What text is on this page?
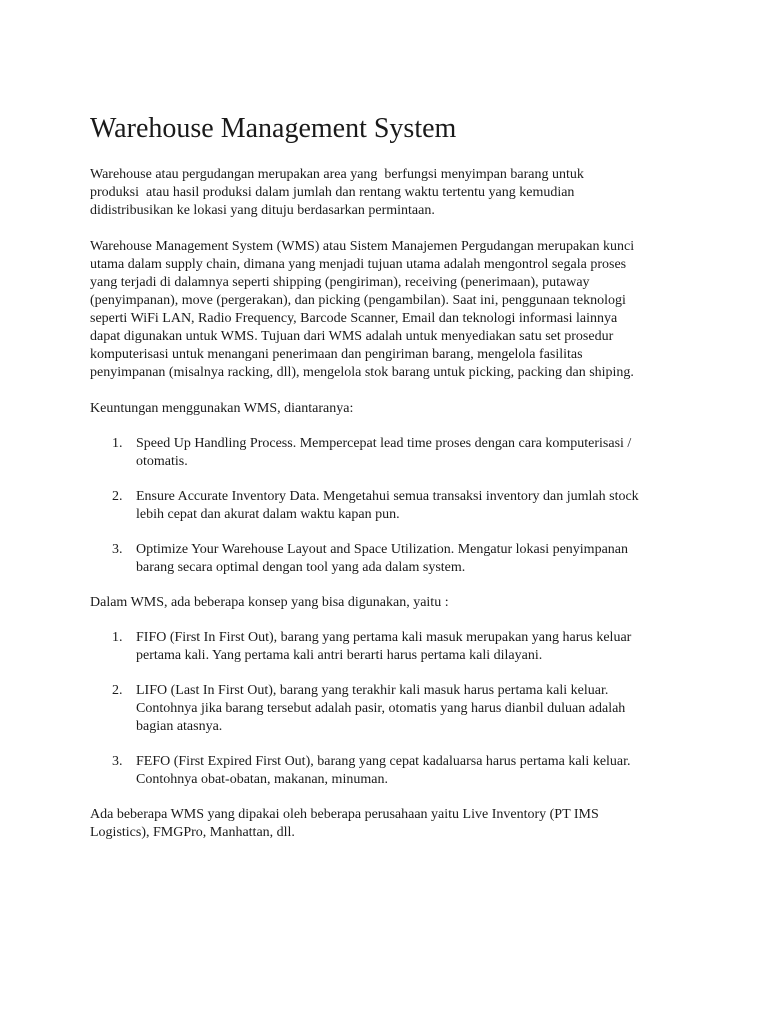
Warehouse Management System

Warehouse atau pergudangan merupakan area yang  berfungsi menyimpan barang untuk
produksi  atau hasil produksi dalam jumlah dan rentang waktu tertentu yang kemudian
didistribusikan ke lokasi yang dituju berdasarkan permintaan.

Warehouse Management System (WMS) atau Sistem Manajemen Pergudangan merupakan kunci
utama dalam supply chain, dimana yang menjadi tujuan utama adalah mengontrol segala proses
yang terjadi di dalamnya seperti shipping (pengiriman), receiving (penerimaan), putaway
(penyimpanan), move (pergerakan), dan picking (pengambilan). Saat ini, penggunaan teknologi
seperti WiFi LAN, Radio Frequency, Barcode Scanner, Email dan teknologi informasi lainnya
dapat digunakan untuk WMS. Tujuan dari WMS adalah untuk menyediakan satu set prosedur
komputerisasi untuk menangani penerimaan dan pengiriman barang, mengelola fasilitas
penyimpanan (misalnya racking, dll), mengelola stok barang untuk picking, packing dan shiping.

Keuntungan menggunakan WMS, diantaranya:

1. Speed Up Handling Process. Mempercepat lead time proses dengan cara komputerisasi /
otomatis.
2. Ensure Accurate Inventory Data. Mengetahui semua transaksi inventory dan jumlah stock
lebih cepat dan akurat dalam waktu kapan pun.
3. Optimize Your Warehouse Layout and Space Utilization. Mengatur lokasi penyimpanan
barang secara optimal dengan tool yang ada dalam system.

Dalam WMS, ada beberapa konsep yang bisa digunakan, yaitu :

1. FIFO (First In First Out), barang yang pertama kali masuk merupakan yang harus keluar
pertama kali. Yang pertama kali antri berarti harus pertama kali dilayani.
2. LIFO (Last In First Out), barang yang terakhir kali masuk harus pertama kali keluar.
Contohnya jika barang tersebut adalah pasir, otomatis yang harus dianbil duluan adalah
bagian atasnya.
3. FEFO (First Expired First Out), barang yang cepat kadaluarsa harus pertama kali keluar.
Contohnya obat-obatan, makanan, minuman.

Ada beberapa WMS yang dipakai oleh beberapa perusahaan yaitu Live Inventory (PT IMS
Logistics), FMGPro, Manhattan, dll.
